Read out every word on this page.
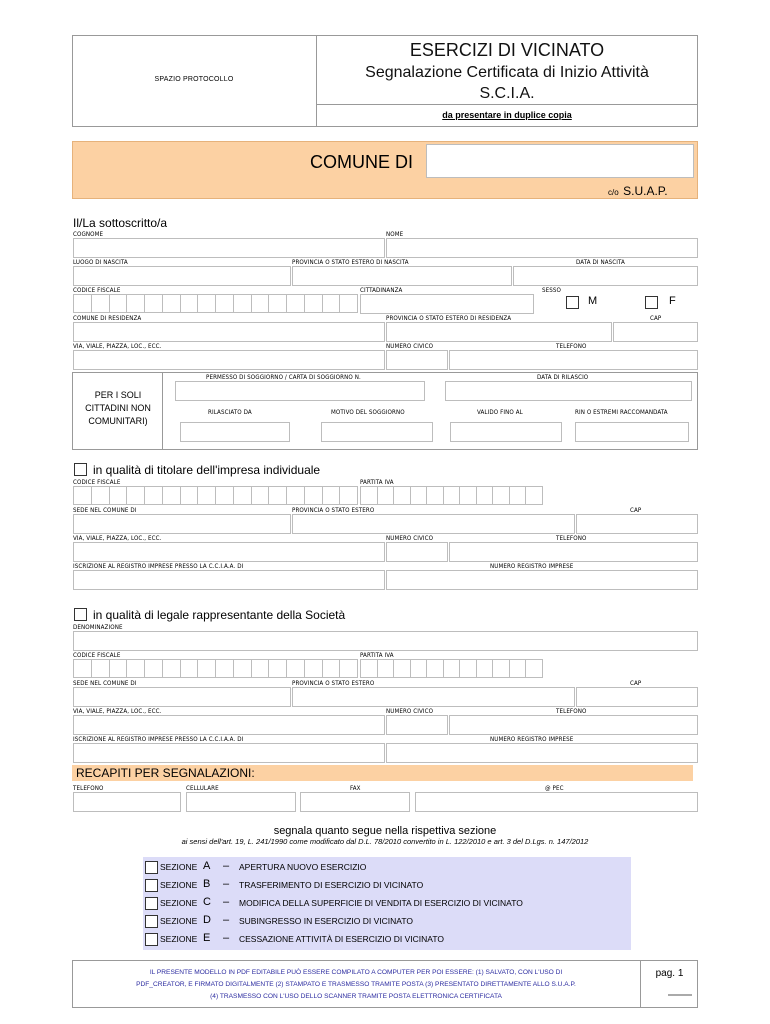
SPAZIO PROTOCOLLO
ESERCIZI DI VICINATO
Segnalazione Certificata di Inizio Attività
S.C.I.A.
da presentare in duplice copia
COMUNE DI
c/o S.U.A.P.
Il/La sottoscritto/a
COGNOME	NOME
LUOGO DI NASCITA	PROVINCIA O STATO ESTERO DI NASCITA	DATA DI NASCITA
CODICE FISCALE	CITTADINANZA	SESSO
M	F
COMUNE DI RESIDENZA	PROVINCIA O STATO ESTERO DI RESIDENZA	CAP
VIA, VIALE, PIAZZA, LOC., ECC.	NUMERO CIVICO	TELEFONO
PER I SOLI CITTADINI NON COMUNITARI)
PERMESSO DI SOGGIORNO / CARTA DI SOGGIORNO N.	DATA DI RILASCIO
RILASCIATO DA	MOTIVO DEL SOGGIORNO	VALIDO FINO AL	RIN O ESTREMI RACCOMANDATA
in qualità di titolare dell'impresa individuale
CODICE FISCALE	PARTITA IVA
SEDE NEL COMUNE DI	PROVINCIA O STATO ESTERO	CAP
VIA, VIALE, PIAZZA, LOC., ECC.	NUMERO CIVICO	TELEFONO
ISCRIZIONE AL REGISTRO IMPRESE PRESSO LA C.C.I.A.A. DI	NUMERO REGISTRO IMPRESE
in qualità di legale rappresentante della Società
DENOMINAZIONE
CODICE FISCALE	PARTITA IVA
SEDE NEL COMUNE DI	PROVINCIA O STATO ESTERO	CAP
VIA, VIALE, PIAZZA, LOC., ECC.	NUMERO CIVICO	TELEFONO
ISCRIZIONE AL REGISTRO IMPRESE PRESSO LA C.C.I.A.A. DI	NUMERO REGISTRO IMPRESE
RECAPITI PER SEGNALAZIONI:
TELEFONO	CELLULARE	FAX	@ PEC
segnala quanto segue nella rispettiva sezione
ai sensi dell'art. 19, L. 241/1990 come modificato dal D.L. 78/2010 convertito in L. 122/2010 e art. 3 del D.Lgs. n. 147/2012
SEZIONE A – APERTURA NUOVO ESERCIZIO
SEZIONE B – TRASFERIMENTO DI ESERCIZIO DI VICINATO
SEZIONE C – MODIFICA DELLA SUPERFICIE DI VENDITA DI ESERCIZIO DI VICINATO
SEZIONE D – SUBINGRESSO IN ESERCIZIO DI VICINATO
SEZIONE E – CESSAZIONE ATTIVITÀ DI ESERCIZIO DI VICINATO
IL PRESENTE MODELLO IN PDF EDITABILE PUÒ ESSERE COMPILATO A COMPUTER PER POI ESSERE: (1) SALVATO, CON L'USO DI
PDF_CREATOR, E FIRMATO DIGITALMENTE (2) STAMPATO E TRASMESSO TRAMITE POSTA (3) PRESENTATO DIRETTAMENTE ALLO S.U.A.P.
(4) TRASMESSO CON L'USO DELLO SCANNER TRAMITE POSTA ELETTRONICA CERTIFICATA
pag. 1
